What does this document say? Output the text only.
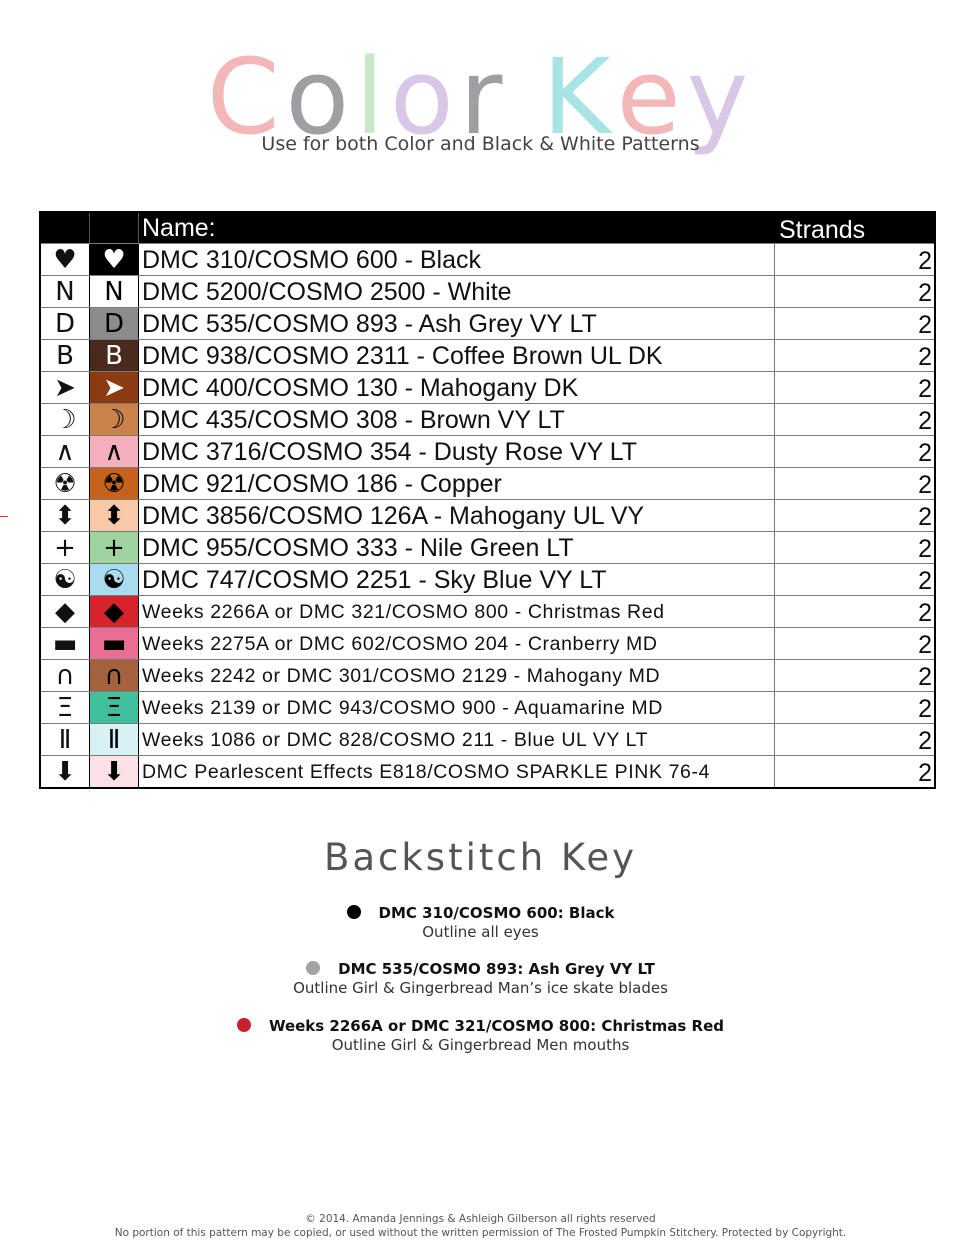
Color Key
Use for both Color and Black & White Patterns
Name:	Strands
♥ ♥ DMC 310/COSMO 600 - Black	2
N N DMC 5200/COSMO 2500 - White	2
D D DMC 535/COSMO 893 - Ash Grey VY LT	2
B B DMC 938/COSMO 2311 - Coffee Brown UL DK	2
➤ ➤ DMC 400/COSMO 130 - Mahogany DK	2
☽ ☽ DMC 435/COSMO 308 - Brown VY LT	2
∧ ∧ DMC 3716/COSMO 354 - Dusty Rose VY LT	2
☢ ☢ DMC 921/COSMO 186 - Copper	2
⬍ ⬍ DMC 3856/COSMO 126A - Mahogany UL VY	2
+ + DMC 955/COSMO 333 - Nile Green LT	2
☯ ☯ DMC 747/COSMO 2251 - Sky Blue VY LT	2
◆ ◆ Weeks 2266A or DMC 321/COSMO 800 - Christmas Red	2
▬ ▬ Weeks 2275A or DMC 602/COSMO 204 - Cranberry MD	2
∩ ∩ Weeks 2242 or DMC 301/COSMO 2129 - Mahogany MD	2
Ξ Ξ Weeks 2139 or DMC 943/COSMO 900 - Aquamarine MD	2
Ⅱ Ⅱ Weeks 1086 or DMC 828/COSMO 211 - Blue UL VY LT	2
⬇ ⬇ DMC Pearlescent Effects E818/COSMO SPARKLE PINK 76-4	2
Backstitch Key
DMC 310/COSMO 600: Black
Outline all eyes
DMC 535/COSMO 893: Ash Grey VY LT
Outline Girl & Gingerbread Man’s ice skate blades
Weeks 2266A or DMC 321/COSMO 800: Christmas Red
Outline Girl & Gingerbread Men mouths
© 2014. Amanda Jennings & Ashleigh Gilberson all rights reserved
No portion of this pattern may be copied, or used without the written permission of The Frosted Pumpkin Stitchery. Protected by Copyright.
